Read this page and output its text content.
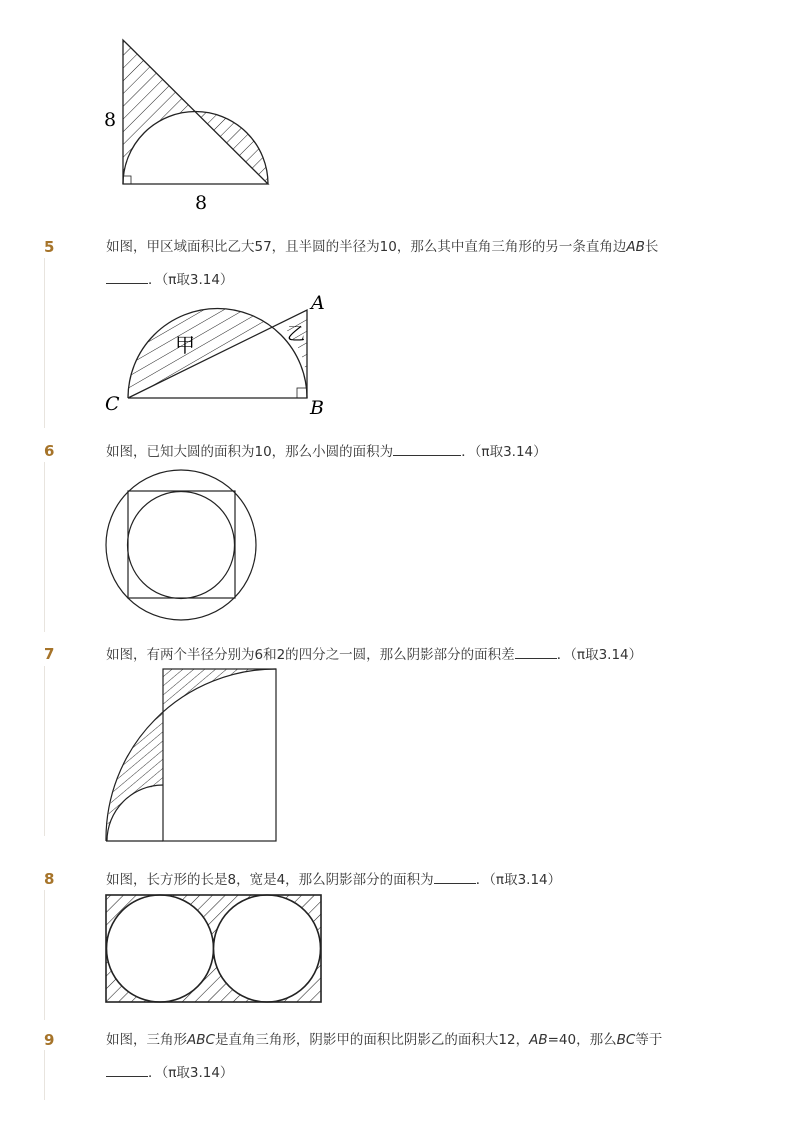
8
8
5	如图，甲区域面积比乙大57，且半圆的半径为10，那么其中直角三角形的另一条直角边AB长
．（π取3.14）
甲	乙
A
B
C
6	如图，已知大圆的面积为10，那么小圆的面积为	．（π取3.14）
7	如图，有两个半径分别为6和2的四分之一圆，那么阴影部分的面积差	．（π取3.14）
8	如图，长方形的长是8，宽是4，那么阴影部分的面积为	．（π取3.14）
9	如图，三角形ABC是直角三角形，阴影甲的面积比阴影乙的面积大12，AB=40，那么BC等于
．（π取3.14）
